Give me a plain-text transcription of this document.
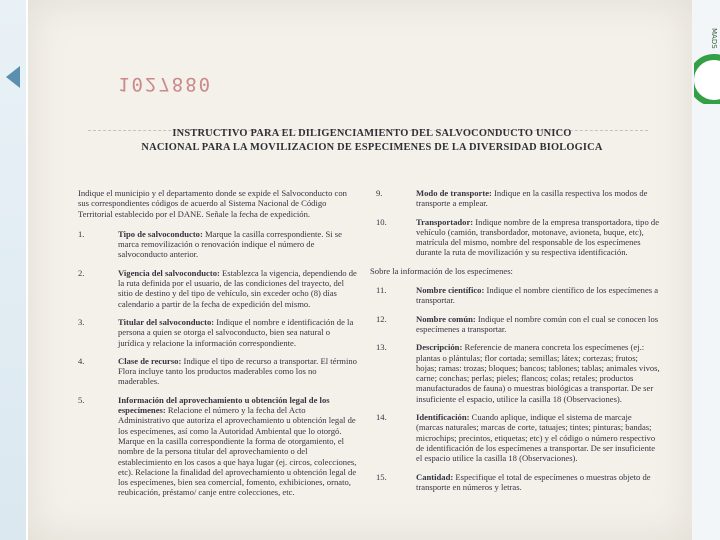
MADS
1027880
INSTRUCTIVO PARA EL DILIGENCIAMIENTO DEL SALVOCONDUCTO UNICO
NACIONAL PARA LA MOVILIZACION DE ESPECIMENES DE LA DIVERSIDAD BIOLOGICA
Indique el municipio y el departamento donde se expide el Salvoconducto con sus correspondientes códigos de acuerdo al Sistema Nacional de Código Territorial establecido por el DANE. Señale la fecha de expedición.
1.	Tipo de salvoconducto: Marque la casilla correspondiente. Si se marca removilización o renovación indique el número de salvoconducto anterior.
2.	Vigencia del salvoconducto: Establezca la vigencia, dependiendo de la ruta definida por el usuario, de las condiciones del trayecto, del sitio de destino y del tipo de vehículo, sin exceder ocho (8) días calendario a partir de la fecha de expedición del mismo.
3.	Titular del salvoconducto: Indique el nombre e identificación de la persona a quien se otorga el salvoconducto, bien sea natural o jurídica y relacione la información correspondiente.
4.	Clase de recurso: Indique el tipo de recurso a transportar. El término Flora incluye tanto los productos maderables como los no maderables.
5.	Información del aprovechamiento u obtención legal de los especímenes: Relacione el número y la fecha del Acto Administrativo que autoriza el aprovechamiento u obtención legal de los especímenes, así como la Autoridad Ambiental que lo otorgó. Marque en la casilla correspondiente la forma de otorgamiento, el nombre de la persona titular del aprovechamiento o del establecimiento en los casos a que haya lugar (ej. circos, colecciones, etc). Relacione la finalidad del aprovechamiento u obtención legal de los especímenes, bien sea comercial, fomento, exhibiciones, ornato, reubicación, préstamo/ canje entre colecciones, etc.
9.	Modo de transporte: Indique en la casilla respectiva los modos de transporte a emplear.
10.	Transportador: Indique nombre de la empresa transportadora, tipo de vehículo (camión, transbordador, motonave, avioneta, buque, etc), matrícula del mismo, nombre del responsable de los especímenes durante la ruta de movilización y su respectiva identificación.
Sobre la información de los especímenes:
11.	Nombre científico: Indique el nombre científico de los especímenes a transportar.
12.	Nombre común: Indique el nombre común con el cual se conocen los especímenes a transportar.
13.	Descripción: Referencie de manera concreta los especímenes (ej.: plantas o plántulas; flor cortada; semillas; látex; cortezas; frutos; hojas; ramas: trozas; bloques; bancos; tablones; tablas; animales vivos, carne; conchas; perlas; pieles; flancos; colas; retales; productos manufacturados de fauna) o muestras biológicas a transportar. De ser insuficiente el espacio, utilice la casilla 18 (Observaciones).
14.	Identificación: Cuando aplique, indique el sistema de marcaje (marcas naturales; marcas de corte, tatuajes; tintes; pinturas; bandas; microchips; precintos, etiquetas; etc) y el código o número respectivo de identificación de los especímenes a transportar. De ser insuficiente el espacio utilice la casilla 18 (Observaciones).
15.	Cantidad: Especifique el total de especímenes o muestras objeto de transporte en números y letras.
